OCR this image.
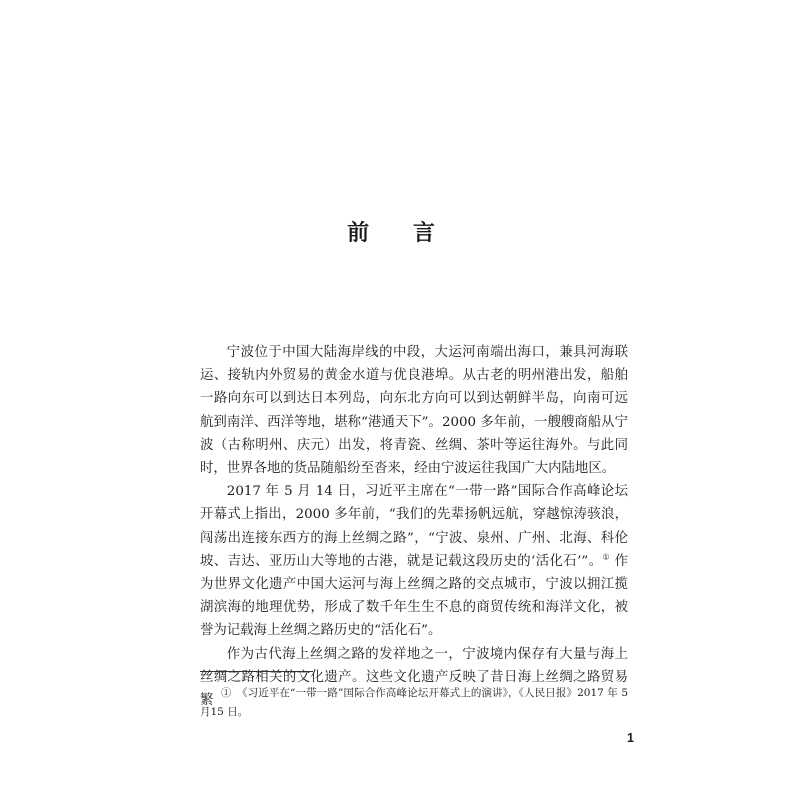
前 言

宁波位于中国大陆海岸线的中段，大运河南端出海口，兼具河海联运、接轨内外贸易的黄金水道与优良港埠。从古老的明州港出发，船舶一路向东可以到达日本列岛，向东北方向可以到达朝鲜半岛，向南可远航到南洋、西洋等地，堪称“港通天下”。2000 多年前，一艘艘商船从宁波（古称明州、庆元）出发，将青瓷、丝绸、茶叶等运往海外。与此同时，世界各地的货品随船纷至沓来，经由宁波运往我国广大内陆地区。

2017 年 5 月 14 日，习近平主席在“一带一路”国际合作高峰论坛开幕式上指出，2000 多年前，“我们的先辈扬帆远航，穿越惊涛骇浪，闯荡出连接东西方的海上丝绸之路”，“宁波、泉州、广州、北海、科伦坡、吉达、亚历山大等地的古港，就是记载这段历史的‘活化石’”。① 作为世界文化遗产中国大运河与海上丝绸之路的交点城市，宁波以拥江揽湖滨海的地理优势，形成了数千年生生不息的商贸传统和海洋文化，被誉为记载海上丝绸之路历史的“活化石”。

作为古代海上丝绸之路的发祥地之一，宁波境内保存有大量与海上丝绸之路相关的文化遗产。这些文化遗产反映了昔日海上丝绸之路贸易繁

①　《习近平在“一带一路”国际合作高峰论坛开幕式上的演讲》，《人民日报》2017 年 5 月15 日。
1
